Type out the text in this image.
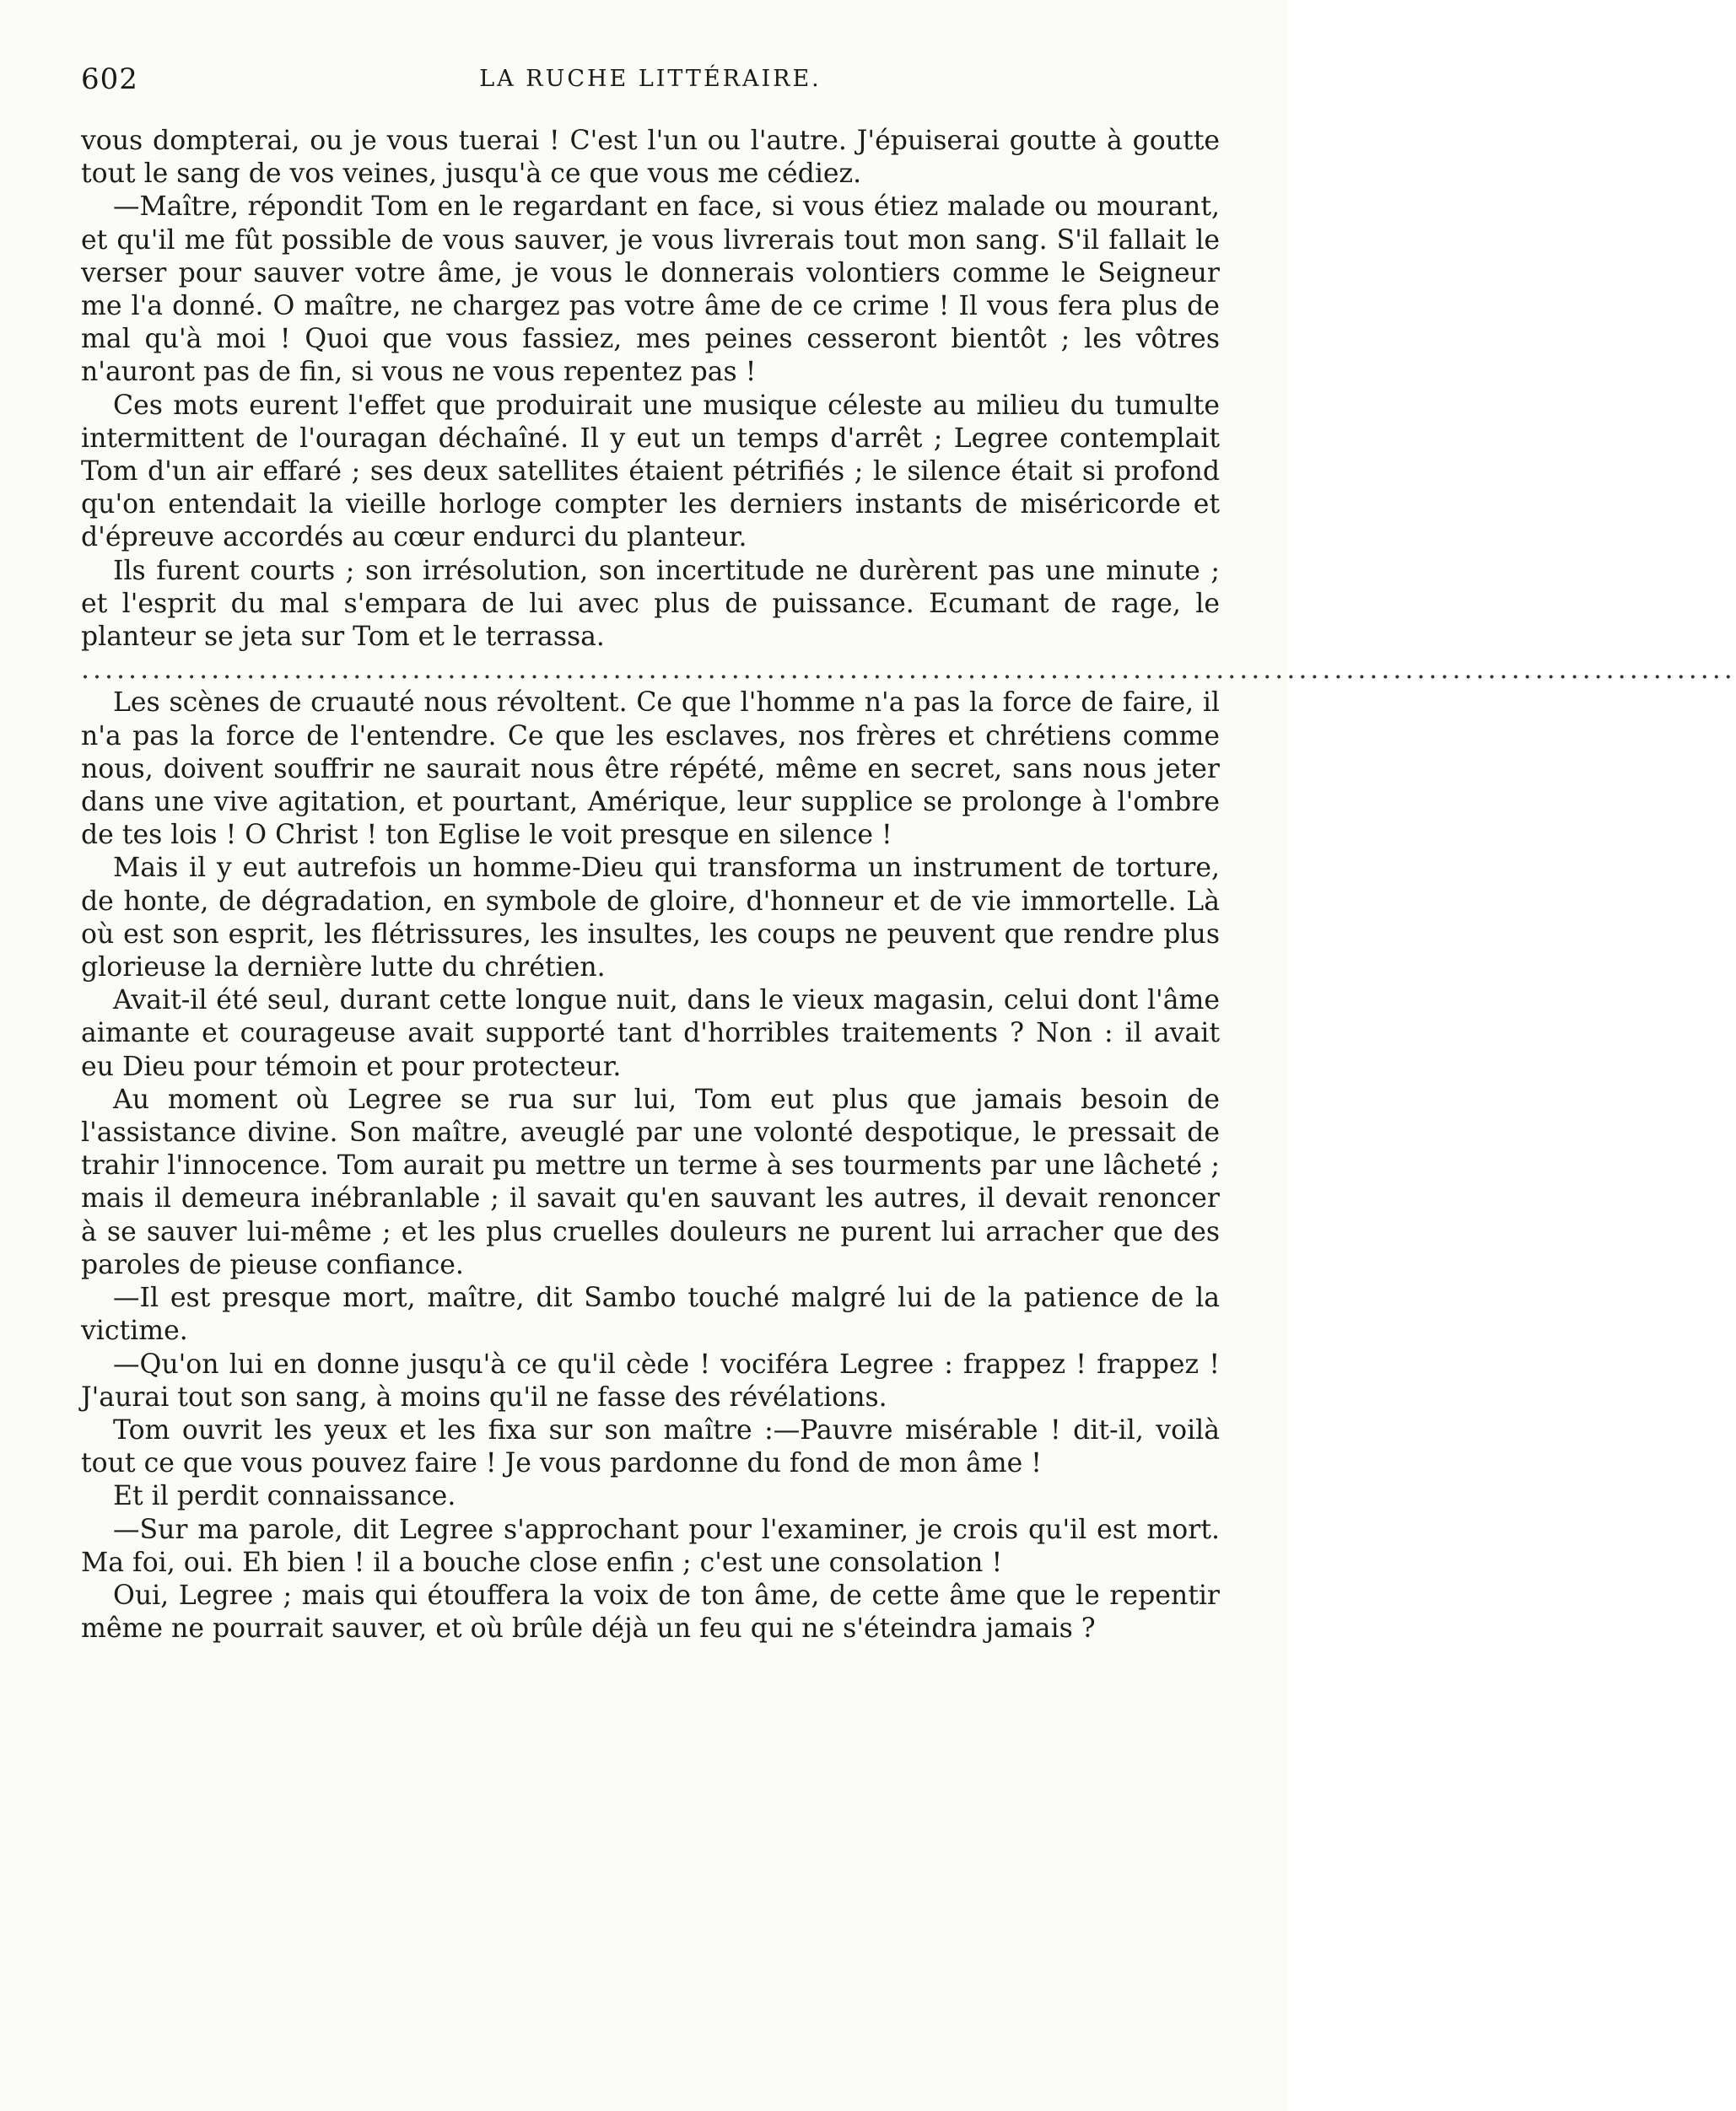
602	LA RUCHE LITTÉRAIRE.

vous dompterai, ou je vous tuerai ! C'est l'un ou l'autre. J'épuiserai goutte à goutte tout le sang de vos veines, jusqu'à ce que vous me cédiez.

—Maître, répondit Tom en le regardant en face, si vous étiez malade ou mourant, et qu'il me fût possible de vous sauver, je vous livrerais tout mon sang. S'il fallait le verser pour sauver votre âme, je vous le donnerais volontiers comme le Seigneur me l'a donné. O maître, ne chargez pas votre âme de ce crime ! Il vous fera plus de mal qu'à moi ! Quoi que vous fassiez, mes peines cesseront bientôt ; les vôtres n'auront pas de fin, si vous ne vous repentez pas !

Ces mots eurent l'effet que produirait une musique céleste au milieu du tumulte intermittent de l'ouragan déchaîné. Il y eut un temps d'arrêt ; Legree contemplait Tom d'un air effaré ; ses deux satellites étaient pétrifiés ; le silence était si profond qu'on entendait la vieille horloge compter les derniers instants de miséricorde et d'épreuve accordés au cœur endurci du planteur.

Ils furent courts ; son irrésolution, son incertitude ne durèrent pas une minute ; et l'esprit du mal s'empara de lui avec plus de puissance. Ecumant de rage, le planteur se jeta sur Tom et le terrassa.

............................................................................................................................................

Les scènes de cruauté nous révoltent. Ce que l'homme n'a pas la force de faire, il n'a pas la force de l'entendre. Ce que les esclaves, nos frères et chrétiens comme nous, doivent souffrir ne saurait nous être répété, même en secret, sans nous jeter dans une vive agitation, et pourtant, Amérique, leur supplice se prolonge à l'ombre de tes lois ! O Christ ! ton Eglise le voit presque en silence !

Mais il y eut autrefois un homme-Dieu qui transforma un instrument de torture, de honte, de dégradation, en symbole de gloire, d'honneur et de vie immortelle. Là où est son esprit, les flétrissures, les insultes, les coups ne peuvent que rendre plus glorieuse la dernière lutte du chrétien.

Avait-il été seul, durant cette longue nuit, dans le vieux magasin, celui dont l'âme aimante et courageuse avait supporté tant d'horribles traitements ? Non : il avait eu Dieu pour témoin et pour protecteur.

Au moment où Legree se rua sur lui, Tom eut plus que jamais besoin de l'assistance divine. Son maître, aveuglé par une volonté despotique, le pressait de trahir l'innocence. Tom aurait pu mettre un terme à ses tourments par une lâcheté ; mais il demeura inébranlable ; il savait qu'en sauvant les autres, il devait renoncer à se sauver lui-même ; et les plus cruelles douleurs ne purent lui arracher que des paroles de pieuse confiance.

—Il est presque mort, maître, dit Sambo touché malgré lui de la patience de la victime.

—Qu'on lui en donne jusqu'à ce qu'il cède ! vociféra Legree : frappez ! frappez ! J'aurai tout son sang, à moins qu'il ne fasse des révélations.

Tom ouvrit les yeux et les fixa sur son maître :—Pauvre misérable ! dit-il, voilà tout ce que vous pouvez faire ! Je vous pardonne du fond de mon âme !

Et il perdit connaissance.

—Sur ma parole, dit Legree s'approchant pour l'examiner, je crois qu'il est mort. Ma foi, oui. Eh bien ! il a bouche close enfin ; c'est une consolation !

Oui, Legree ; mais qui étouffera la voix de ton âme, de cette âme que le repentir même ne pourrait sauver, et où brûle déjà un feu qui ne s'éteindra jamais ?
